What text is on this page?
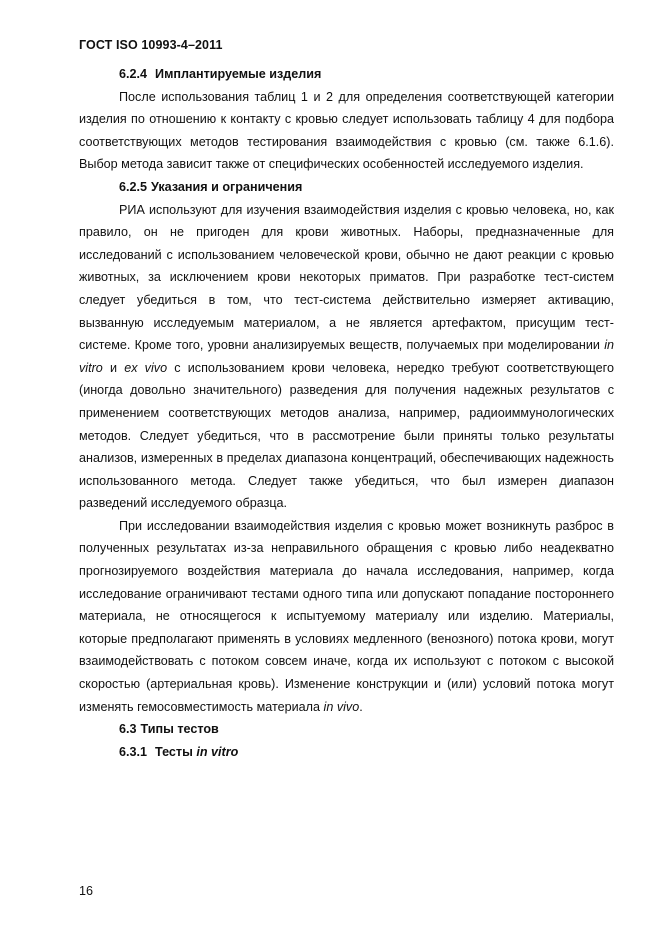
ГОСТ ISO 10993-4–2011
6.2.4 Имплантируемые изделия

После использования таблиц 1 и 2 для определения соответствующей категории изделия по отношению к контакту с кровью следует использовать таблицу 4 для подбора соответствующих методов тестирования взаимодействия с кровью (см. также 6.1.6). Выбор метода зависит также от специфических особенностей исследуемого изделия.

6.2.5 Указания и ограничения

РИА используют для изучения взаимодействия изделия с кровью человека, но, как правило, он не пригоден для крови животных. Наборы, предназначенные для исследований с использованием человеческой крови, обычно не дают реакции с кровью животных, за исключением крови некоторых приматов. При разработке тест-систем следует убедиться в том, что тест-система действительно измеряет активацию, вызванную исследуемым материалом, а не является артефактом, присущим тест-системе. Кроме того, уровни анализируемых веществ, получаемых при моделировании in vitro и ex vivo с использованием крови человека, нередко требуют соответствующего (иногда довольно значительного) разведения для получения надежных результатов с применением соответствующих методов анализа, например, радиоиммунологических методов. Следует убедиться, что в рассмотрение были приняты только результаты анализов, измеренных в пределах диапазона концентраций, обеспечивающих надежность использованного метода. Следует также убедиться, что был измерен диапазон разведений исследуемого образца.

При исследовании взаимодействия изделия с кровью может возникнуть разброс в полученных результатах из-за неправильного обращения с кровью либо неадекватно прогнозируемого воздействия материала до начала исследования, например, когда исследование ограничивают тестами одного типа или допускают попадание постороннего материала, не относящегося к испытуемому материалу или изделию. Материалы, которые предполагают применять в условиях медленного (венозного) потока крови, могут взаимодействовать с потоком совсем иначе, когда их используют с потоком с высокой скоростью (артериальная кровь). Изменение конструкции и (или) условий потока могут изменять гемосовместимость материала in vivo.

6.3 Типы тестов
6.3.1 Тесты in vitro
16
